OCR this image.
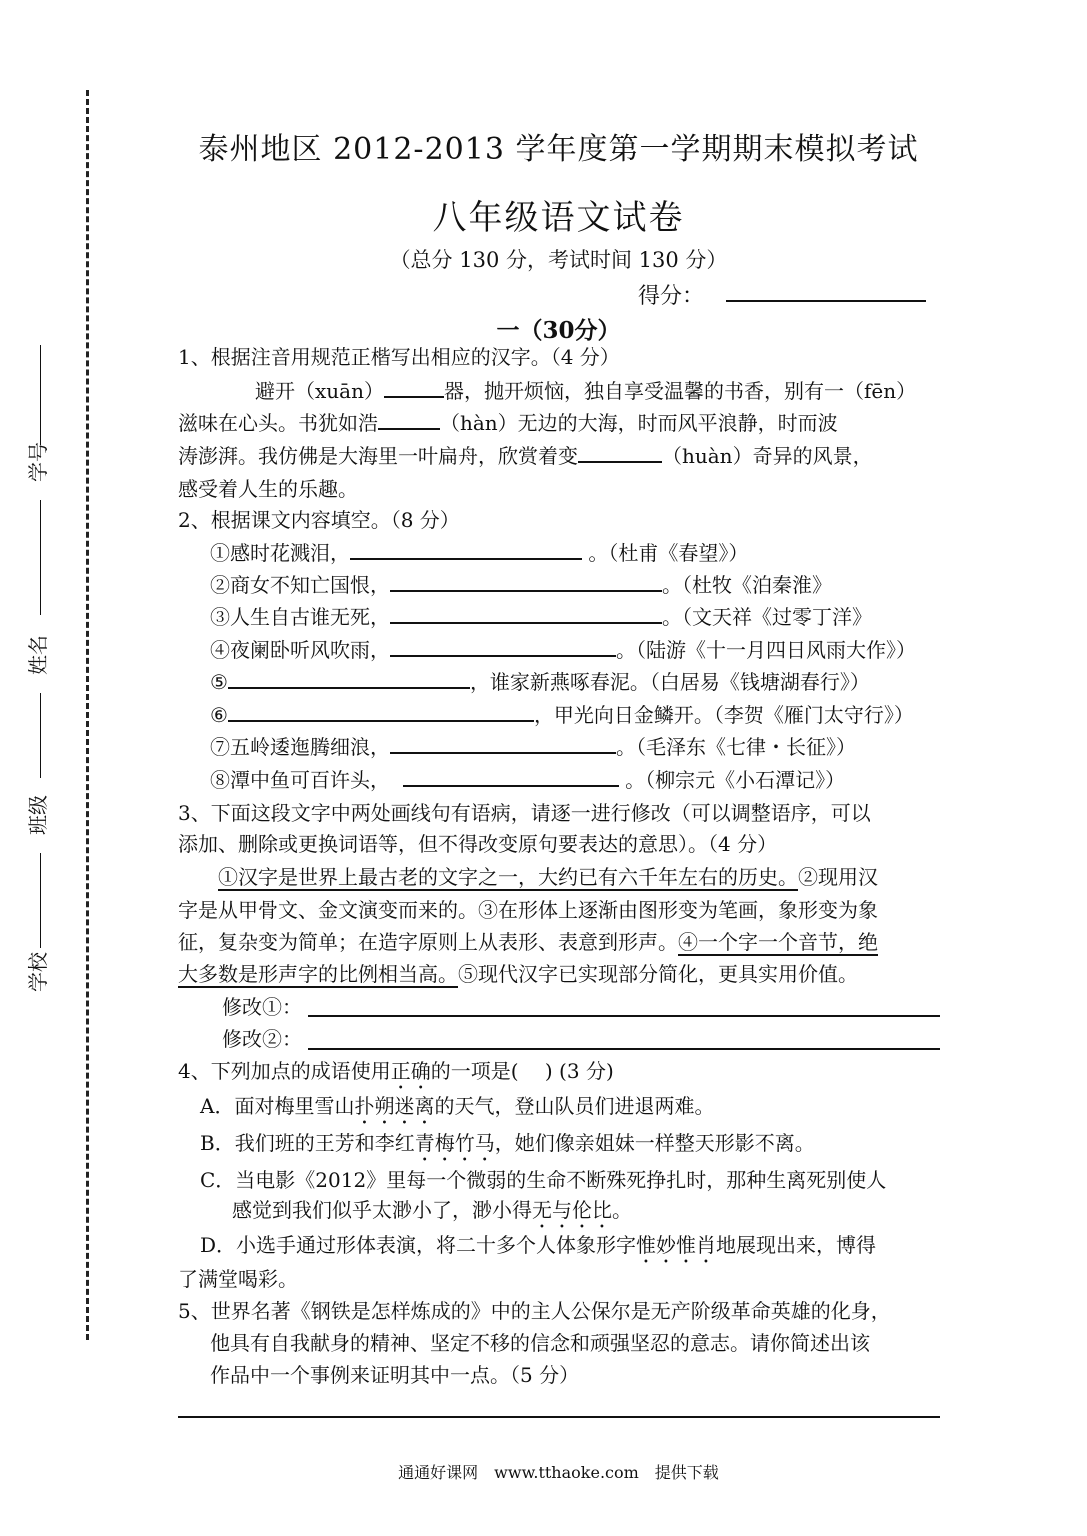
学号
姓名
班级
学校
泰州地区 2012-2013 学年度第一学期期末模拟考试
八年级语文试卷
（总分 130 分，考试时间 130 分）
得分：
一（30分）
1、根据注音用规范正楷写出相应的汉字。（4 分）
避开（xuān）	器，抛开烦恼，独自享受温馨的书香，别有一（fēn）
滋味在心头。书犹如浩	（hàn）无边的大海，时而风平浪静，时而波
涛澎湃。我仿佛是大海里一叶扁舟，欣赏着变	（huàn）奇异的风景，
感受着人生的乐趣。
2、根据课文内容填空。（8 分）
①感时花溅泪，	。（杜甫《春望》）
②商女不知亡国恨，	。（杜牧《泊秦淮》
③人生自古谁无死，	。（文天祥《过零丁洋》
④夜阑卧听风吹雨，	。（陆游《十一月四日风雨大作》）
⑤	，谁家新燕啄春泥。（白居易《钱塘湖春行》）
⑥	，甲光向日金鳞开。（李贺《雁门太守行》）
⑦五岭逶迤腾细浪，	。（毛泽东《七律・长征》）
⑧潭中鱼可百许头，	。（柳宗元《小石潭记》）
3、下面这段文字中两处画线句有语病，请逐一进行修改（可以调整语序，可以
添加、删除或更换词语等，但不得改变原句要表达的意思）。（4 分）
①汉字是世界上最古老的文字之一，大约已有六千年左右的历史。②现用汉
字是从甲骨文、金文演变而来的。③在形体上逐渐由图形变为笔画，象形变为象
征，复杂变为简单；在造字原则上从表形、表意到形声。④一个字一个音节，绝
大多数是形声字的比例相当高。⑤现代汉字已实现部分简化，更具实用价值。
修改①：
修改②：
4、下列加点的成语使用正确的一项是(　 ) (3 分)
A．面对梅里雪山扑朔迷离的天气，登山队员们进退两难。
B．我们班的王芳和李红青梅竹马，她们像亲姐妹一样整天形影不离。
C．当电影《2012》里每一个微弱的生命不断殊死挣扎时，那种生离死别使人
感觉到我们似乎太渺小了，渺小得无与伦比。
D．小选手通过形体表演，将二十多个人体象形字惟妙惟肖地展现出来，博得
了满堂喝彩。
5、世界名著《钢铁是怎样炼成的》中的主人公保尔是无产阶级革命英雄的化身，
他具有自我献身的精神、坚定不移的信念和顽强坚忍的意志。请你简述出该
作品中一个事例来证明其中一点。（5 分）
通通好课网　www.tthaoke.com　提供下载
